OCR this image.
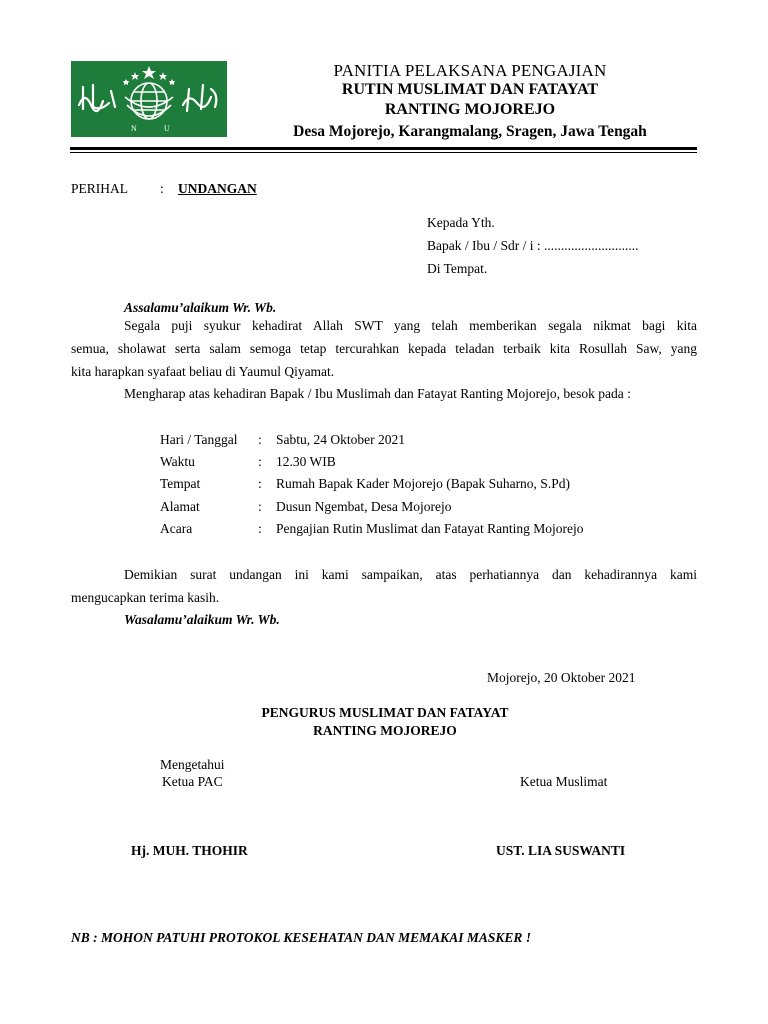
N	U
PANITIA PELAKSANA PENGAJIAN
RUTIN MUSLIMAT DAN FATAYAT
RANTING MOJOREJO
Desa Mojorejo, Karangmalang, Sragen, Jawa Tengah
PERIHAL : UNDANGAN
Kepada Yth.
Bapak / Ibu / Sdr / i : ............................
Di Tempat.
Assalamu’alaikum Wr. Wb.
Segala puji syukur kehadirat Allah SWT yang telah memberikan segala nikmat bagi kita
semua, sholawat serta salam semoga tetap tercurahkan kepada teladan terbaik kita Rosullah Saw, yang
kita harapkan syafaat beliau di Yaumul Qiyamat.
Mengharap atas kehadiran Bapak / Ibu Muslimah dan Fatayat Ranting Mojorejo, besok pada :
Hari / Tanggal : Sabtu, 24 Oktober 2021
Waktu	: 12.30 WIB
Tempat	: Rumah Bapak Kader Mojorejo (Bapak Suharno, S.Pd)
Alamat	: Dusun Ngembat, Desa Mojorejo
Acara	: Pengajian Rutin Muslimat dan Fatayat Ranting Mojorejo
Demikian surat undangan ini kami sampaikan, atas perhatiannya dan kehadirannya kami
mengucapkan terima kasih.
Wasalamu’alaikum Wr. Wb.
Mojorejo, 20 Oktober 2021
PENGURUS MUSLIMAT DAN FATAYAT
RANTING MOJOREJO
Mengetahui
Ketua PAC	Ketua Muslimat
Hj. MUH. THOHIR	UST. LIA SUSWANTI
NB : MOHON PATUHI PROTOKOL KESEHATAN DAN MEMAKAI MASKER !
